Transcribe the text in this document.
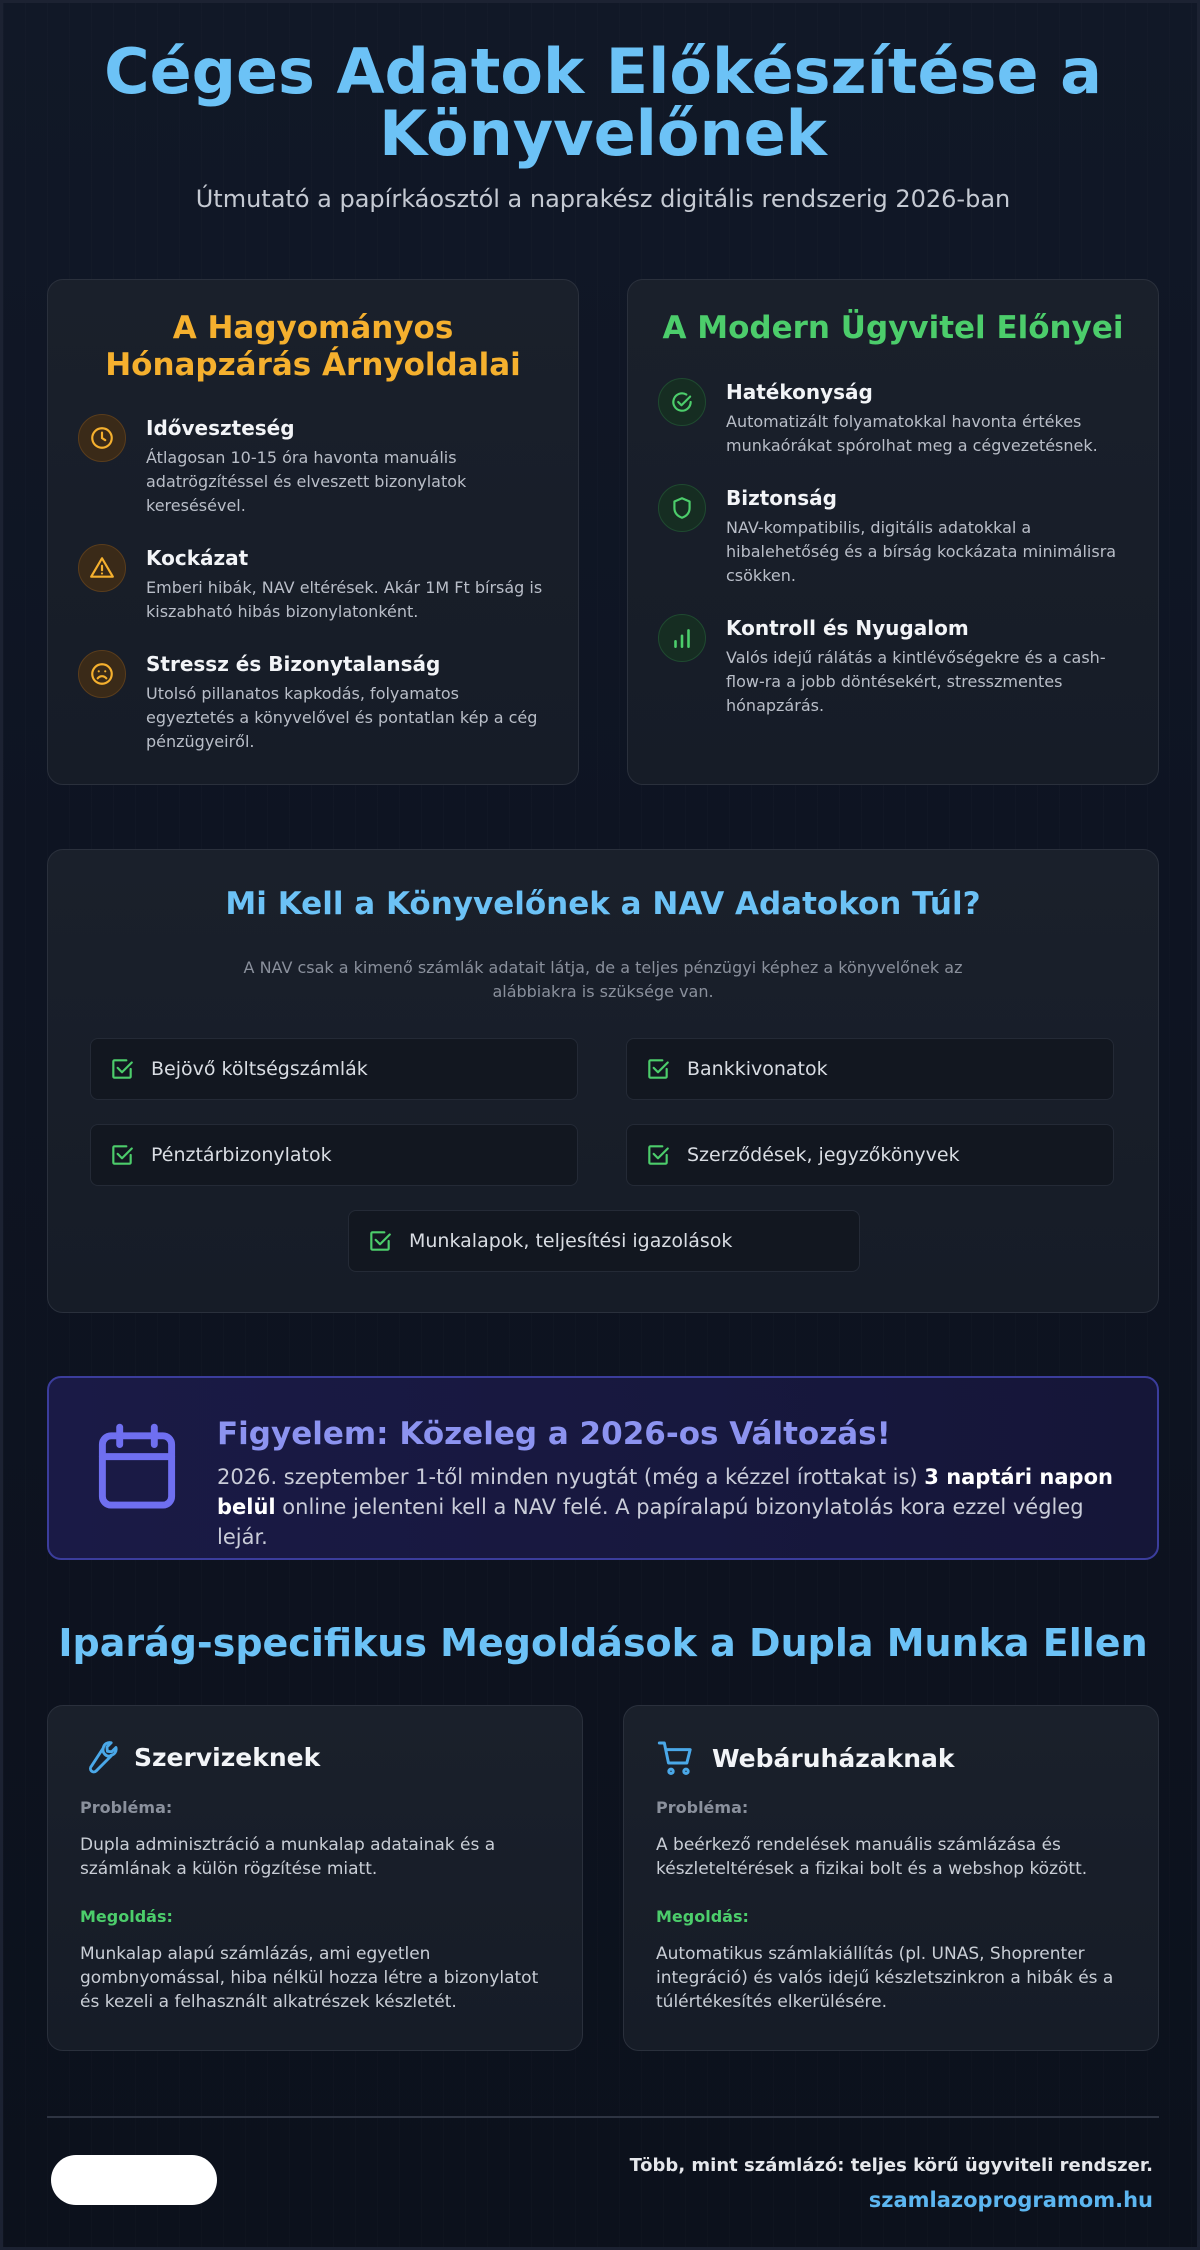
Céges Adatok Előkészítése a Könyvelőnek

Útmutató a papírkáosztól a naprakész digitális rendszerig 2026-ban

A Hagyományos Hónapzárás Árnyoldalai
Időveszteség

Átlagosan 10-15 óra havonta manuális adatrögzítéssel és elveszett bizonylatok keresésével.

Kockázat

Emberi hibák, NAV eltérések. Akár 1M Ft bírság is kiszabható hibás bizonylatonként.

Stressz és Bizonytalanság

Utolsó pillanatos kapkodás, folyamatos egyeztetés a könyvelővel és pontatlan kép a cég pénzügyeiről.

A Modern Ügyvitel Előnyei
Hatékonyság

Automatizált folyamatokkal havonta értékes munkaórákat spórolhat meg a cégvezetésnek.

Biztonság

NAV-kompatibilis, digitális adatokkal a hibalehetőség és a bírság kockázata minimálisra csökken.

Kontroll és Nyugalom

Valós idejű rálátás a kintlévőségekre és a cash-flow-ra a jobb döntésekért, stresszmentes hónapzárás.

Mi Kell a Könyvelőnek a NAV Adatokon Túl?
A NAV csak a kimenő számlák adatait látja, de a teljes pénzügyi képhez a könyvelőnek az alábbiakra is szüksége van.
Bejövő költségszámlák	Bankkivonatok
Pénztárbizonylatok	Szerződések, jegyzőkönyvek
Munkalapok, teljesítési igazolások
Figyelem: Közeleg a 2026-os Változás!

2026. szeptember 1-től minden nyugtát (még a kézzel írottakat is) 3 naptári napon belül online jelenteni kell a NAV felé. A papíralapú bizonylatolás kora ezzel végleg lejár.

Iparág-specifikus Megoldások a Dupla Munka Ellen
Szervizeknek
Probléma:

Dupla adminisztráció a munkalap adatainak és a számlának a külön rögzítése miatt.

Megoldás:

Munkalap alapú számlázás, ami egyetlen gombnyomással, hiba nélkül hozza létre a bizonylatot és kezeli a felhasznált alkatrészek készletét.

Webáruházaknak
Probléma:

A beérkező rendelések manuális számlázása és készleteltérések a fizikai bolt és a webshop között.

Megoldás:

Automatikus számlakiállítás (pl. UNAS, Shoprenter integráció) és valós idejű készletszinkron a hibák és a túlértékesítés elkerülésére.

Több, mint számlázó: teljes körű ügyviteli rendszer.
szamlazoprogramom.hu
